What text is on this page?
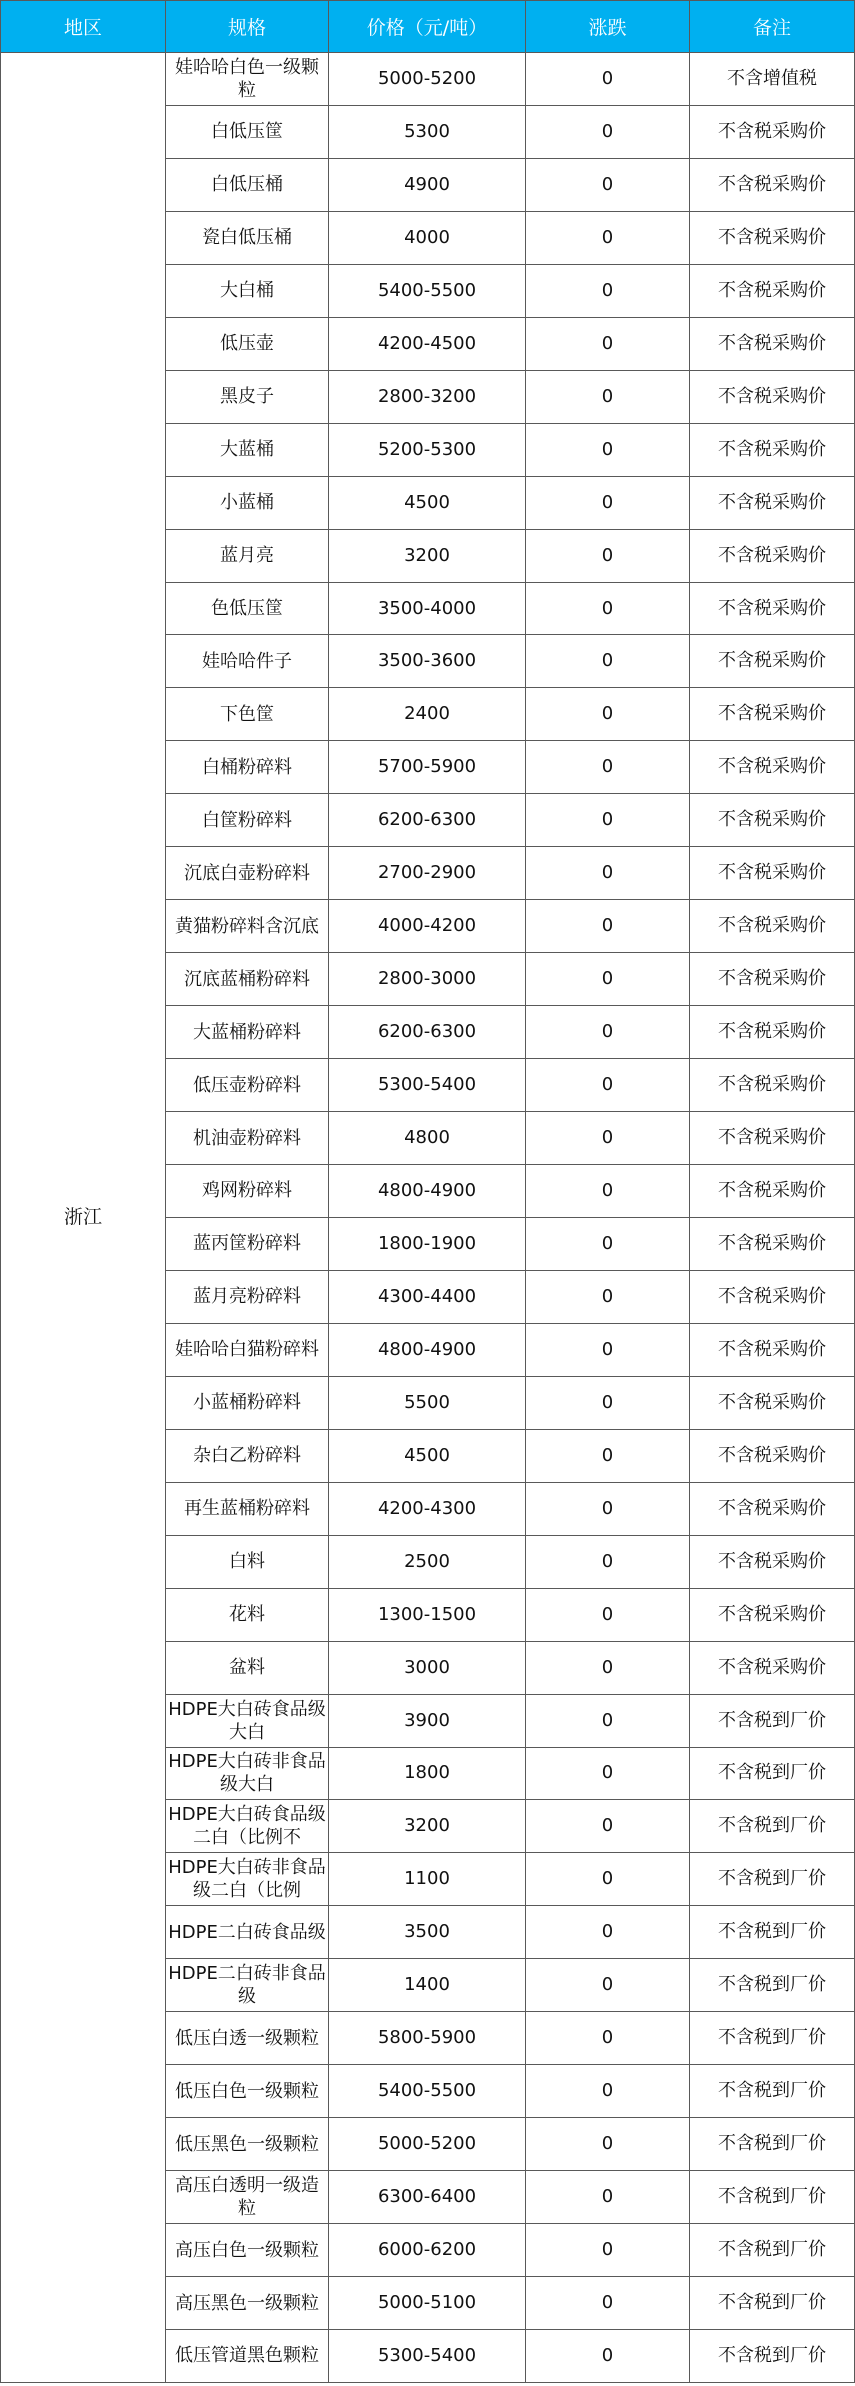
地区	规格	价格（元/吨）	涨跌	备注
浙江	娃哈哈白色一级颗粒	5000-5200	0	不含增值税
	白低压筐	5300	0	不含税采购价
	白低压桶	4900	0	不含税采购价
	瓷白低压桶	4000	0	不含税采购价
	大白桶	5400-5500	0	不含税采购价
	低压壶	4200-4500	0	不含税采购价
	黑皮子	2800-3200	0	不含税采购价
	大蓝桶	5200-5300	0	不含税采购价
	小蓝桶	4500	0	不含税采购价
	蓝月亮	3200	0	不含税采购价
	色低压筐	3500-4000	0	不含税采购价
	娃哈哈件子	3500-3600	0	不含税采购价
	下色筐	2400	0	不含税采购价
	白桶粉碎料	5700-5900	0	不含税采购价
	白筐粉碎料	6200-6300	0	不含税采购价
	沉底白壶粉碎料	2700-2900	0	不含税采购价
	黄猫粉碎料含沉底	4000-4200	0	不含税采购价
	沉底蓝桶粉碎料	2800-3000	0	不含税采购价
	大蓝桶粉碎料	6200-6300	0	不含税采购价
	低压壶粉碎料	5300-5400	0	不含税采购价
	机油壶粉碎料	4800	0	不含税采购价
	鸡网粉碎料	4800-4900	0	不含税采购价
	蓝丙筐粉碎料	1800-1900	0	不含税采购价
	蓝月亮粉碎料	4300-4400	0	不含税采购价
	娃哈哈白猫粉碎料	4800-4900	0	不含税采购价
	小蓝桶粉碎料	5500	0	不含税采购价
	杂白乙粉碎料	4500	0	不含税采购价
	再生蓝桶粉碎料	4200-4300	0	不含税采购价
	白料	2500	0	不含税采购价
	花料	1300-1500	0	不含税采购价
	盆料	3000	0	不含税采购价
	HDPE大白砖食品级大白	3900	0	不含税到厂价
	HDPE大白砖非食品级大白	1800	0	不含税到厂价
	HDPE大白砖食品级二白（比例不	3200	0	不含税到厂价
	HDPE大白砖非食品级二白（比例	1100	0	不含税到厂价
	HDPE二白砖食品级	3500	0	不含税到厂价
	HDPE二白砖非食品级	1400	0	不含税到厂价
	低压白透一级颗粒	5800-5900	0	不含税到厂价
	低压白色一级颗粒	5400-5500	0	不含税到厂价
	低压黑色一级颗粒	5000-5200	0	不含税到厂价
	高压白透明一级造粒	6300-6400	0	不含税到厂价
	高压白色一级颗粒	6000-6200	0	不含税到厂价
	高压黑色一级颗粒	5000-5100	0	不含税到厂价
	低压管道黑色颗粒	5300-5400	0	不含税到厂价
